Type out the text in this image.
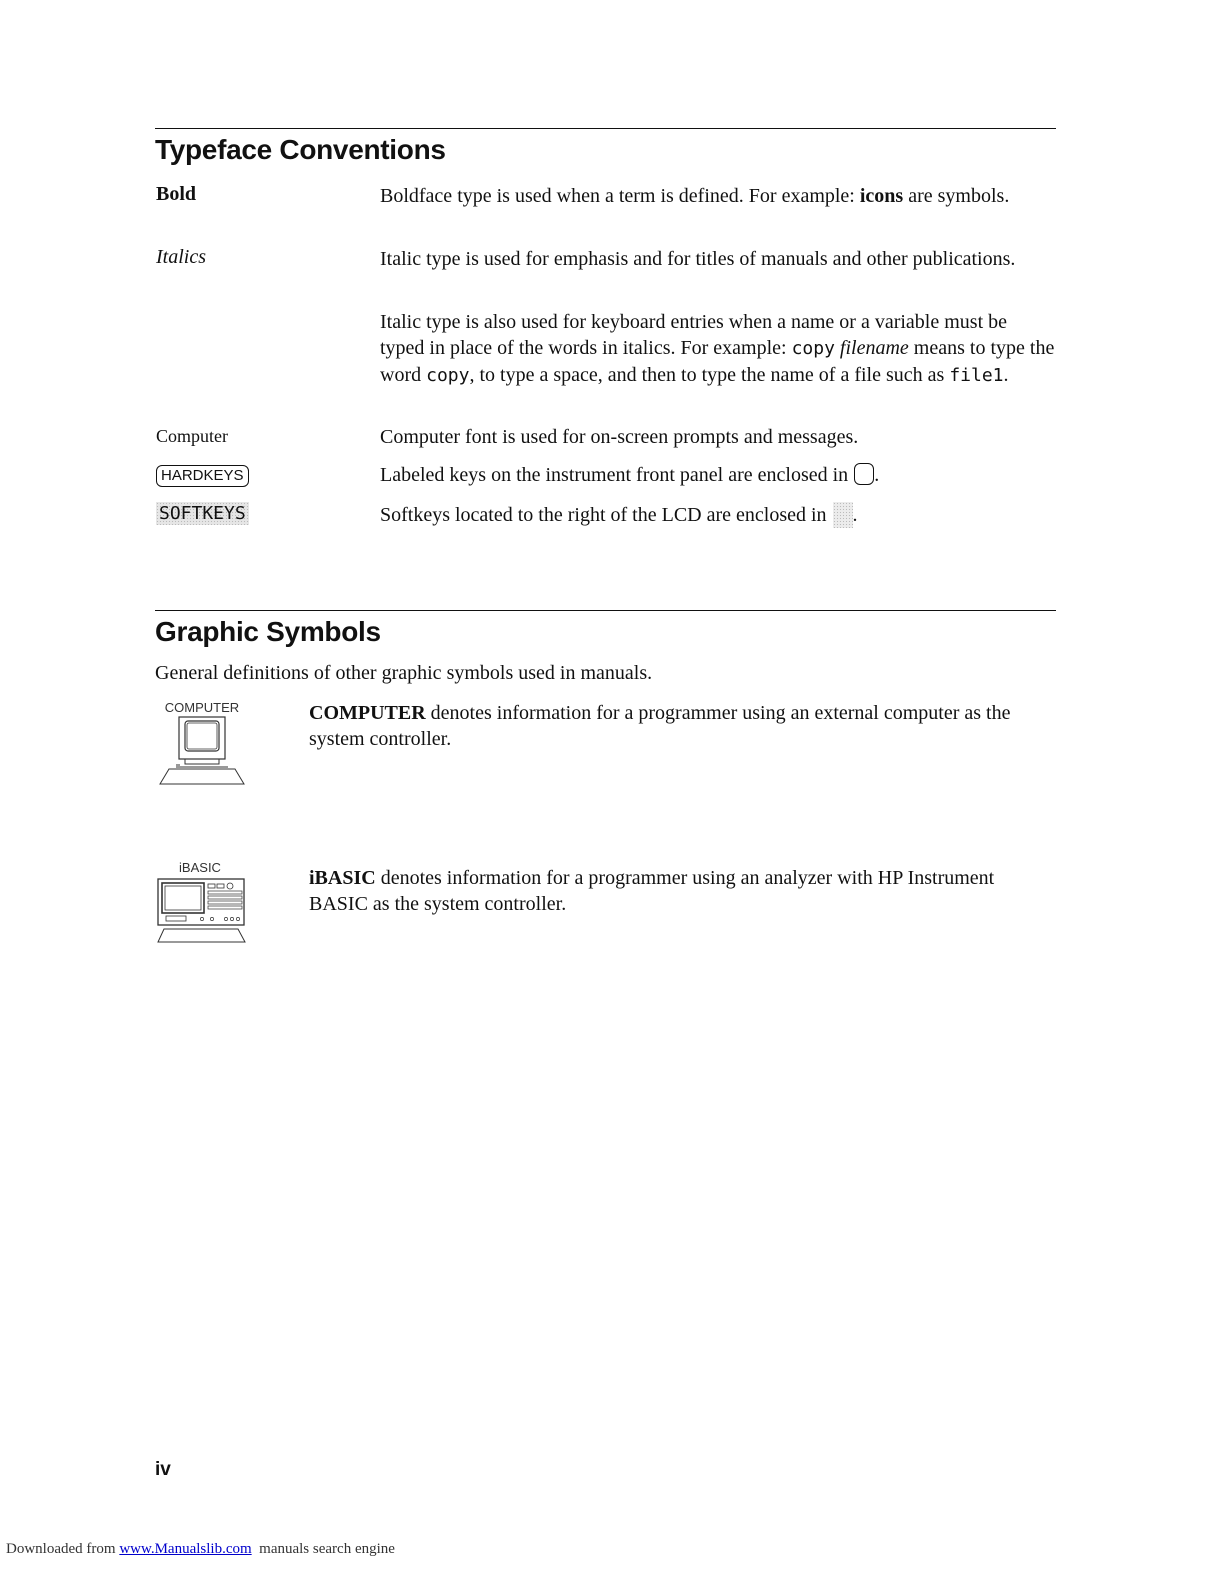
Typeface Conventions
Bold	Boldface type is used when a term is defined. For example: icons are symbols.

Italics	Italic type is used for emphasis and for titles of manuals and other publications.

Italic type is also used for keyboard entries when a name or a variable must be typed in place of the words in italics. For example: copy filename means to type the word copy, to type a space, and then to type the name of a file such as file1.

Computer	Computer font is used for on-screen prompts and messages.

HARDKEYS	Labeled keys on the instrument front panel are enclosed in .

SOFTKEYS	Softkeys located to the right of the LCD are enclosed in .

Graphic Symbols
General definitions of other graphic symbols used in manuals.
COMPUTER	COMPUTER denotes information for a programmer using an external computer as the system controller.
iBASIC	iBASIC denotes information for a programmer using an analyzer with HP Instrument BASIC as the system controller.
iv
Downloaded from www.Manualslib.com  manuals search engine
